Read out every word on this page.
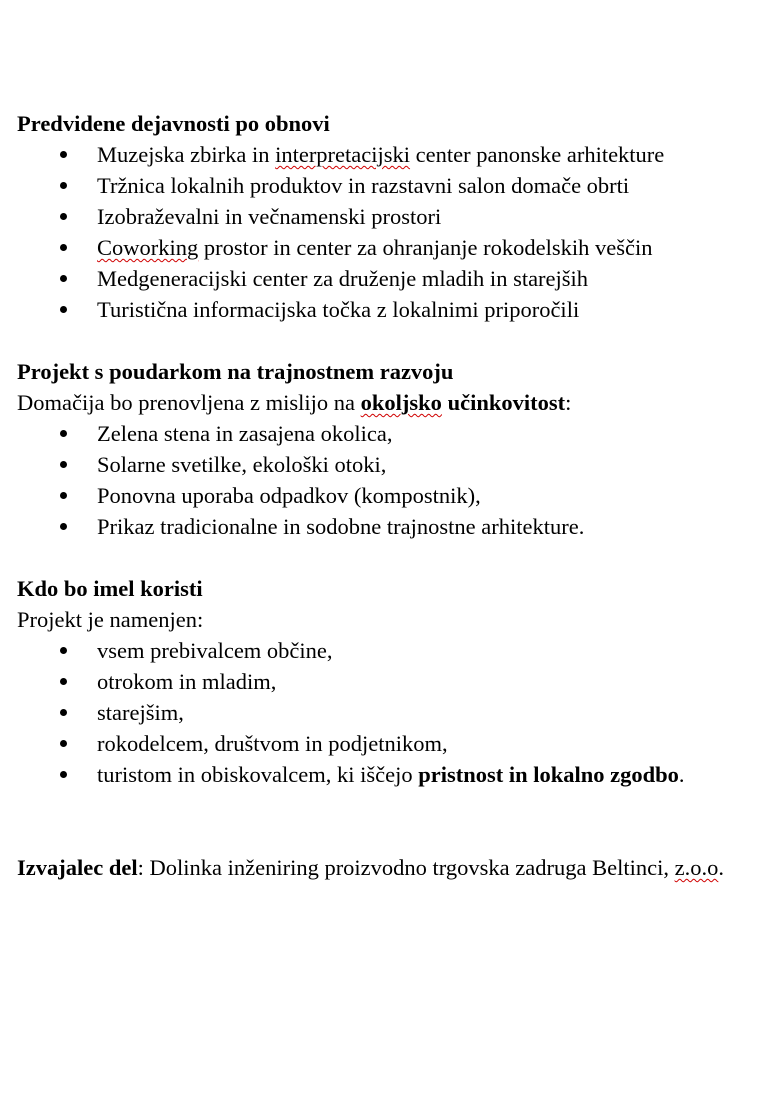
Predvidene dejavnosti po obnovi

Muzejska zbirka in interpretacijski center panonske arhitekture
Tržnica lokalnih produktov in razstavni salon domače obrti
Izobraževalni in večnamenski prostori
Coworking prostor in center za ohranjanje rokodelskih veščin
Medgeneracijski center za druženje mladih in starejših
Turistična informacijska točka z lokalnimi priporočili

Projekt s poudarkom na trajnostnem razvoju

Domačija bo prenovljena z mislijo na okoljsko učinkovitost:

Zelena stena in zasajena okolica,
Solarne svetilke, ekološki otoki,
Ponovna uporaba odpadkov (kompostnik),
Prikaz tradicionalne in sodobne trajnostne arhitekture.

Kdo bo imel koristi

Projekt je namenjen:

vsem prebivalcem občine,
otrokom in mladim,
starejšim,
rokodelcem, društvom in podjetnikom,
turistom in obiskovalcem, ki iščejo pristnost in lokalno zgodbo.

Izvajalec del: Dolinka inženiring proizvodno trgovska zadruga Beltinci, z.o.o.
